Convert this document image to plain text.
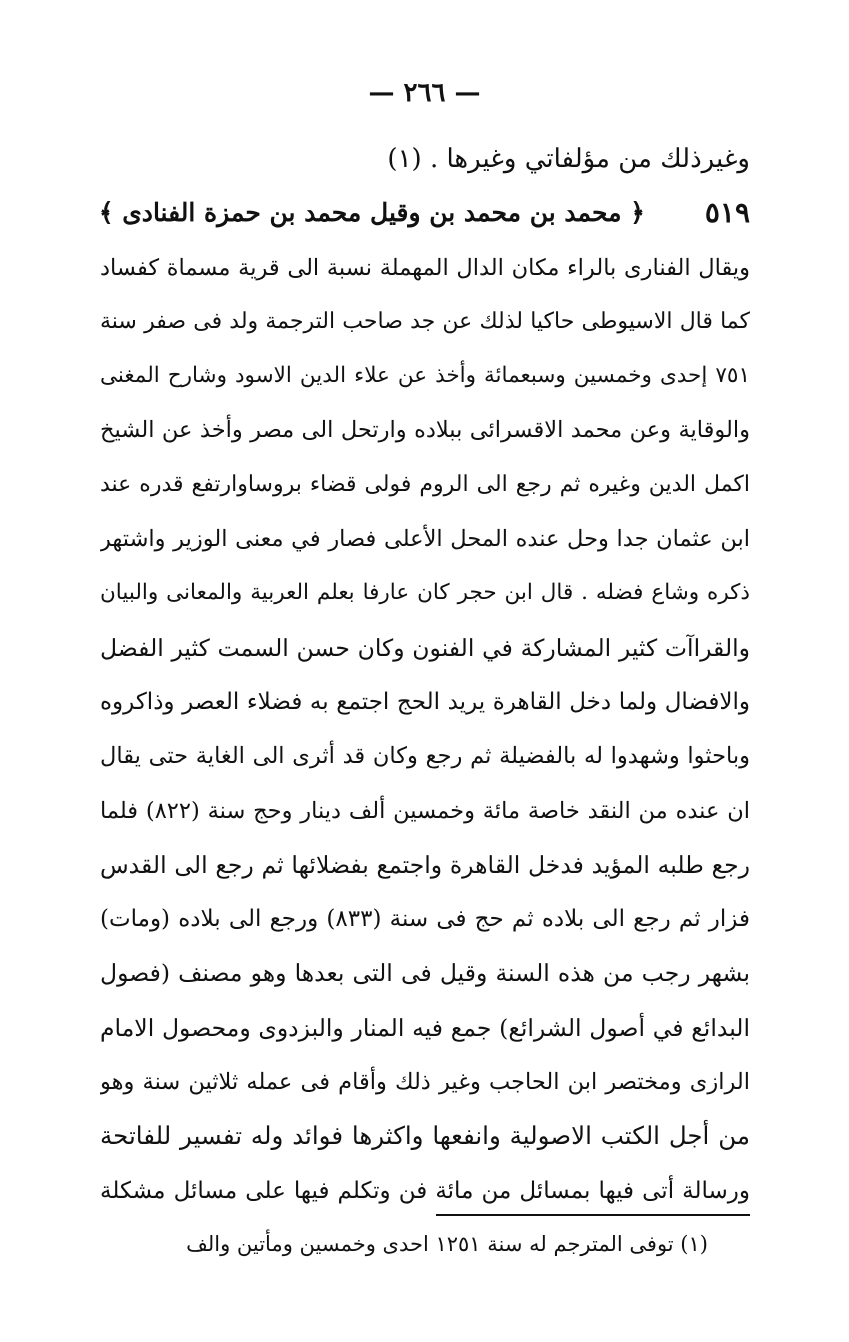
— ٢٦٦ —
وغيرذلك من مؤلفاتي وغيرها . (١)
٥١٩
﴿ محمد بن محمد بن وقيل محمد بن حمزة الفنادى ﴾
ويقال الفنارى بالراء مكان الدال المهملة نسبة الى قرية مسماة كفساد
كما قال الاسيوطى حاكيا لذلك عن جد صاحب الترجمة ولد فى صفر سنة
٧٥١ إحدى وخمسين وسبعمائة وأخذ عن علاء الدين الاسود وشارح المغنى
والوقاية وعن محمد الاقسرائى ببلاده وارتحل الى مصر وأخذ عن الشيخ
اكمل الدين وغيره ثم رجع الى الروم فولى قضاء بروساوارتفع قدره عند
ابن عثمان جدا وحل عنده المحل الأعلى فصار في معنى الوزير واشتهر
ذكره وشاع فضله . قال ابن حجر كان عارفا بعلم العربية والمعانى والبيان
والقراآت كثير المشاركة في الفنون وكان حسن السمت كثير الفضل
والافضال ولما دخل القاهرة يريد الحج اجتمع به فضلاء العصر وذاكروه
وباحثوا وشهدوا له بالفضيلة ثم رجع وكان قد أثرى الى الغاية حتى يقال
ان عنده من النقد خاصة مائة وخمسين ألف دينار وحج سنة (٨٢٢) فلما
رجع طلبه المؤيد فدخل القاهرة واجتمع بفضلائها ثم رجع الى القدس
فزار ثم رجع الى بلاده ثم حج فى سنة (٨٣٣) ورجع الى بلاده (ومات)
بشهر رجب من هذه السنة وقيل فى التى بعدها وهو مصنف (فصول
البدائع في أصول الشرائع) جمع فيه المنار والبزدوى ومحصول الامام
الرازى ومختصر ابن الحاجب وغير ذلك وأقام فى عمله ثلاثين سنة وهو
من أجل الكتب الاصولية وانفعها واكثرها فوائد وله تفسير للفاتحة
ورسالة أتى فيها بمسائل من مائة فن وتكلم فيها على مسائل مشكلة
(١) توفى المترجم له سنة ١٢٥١ احدى وخمسين ومأتين والف
